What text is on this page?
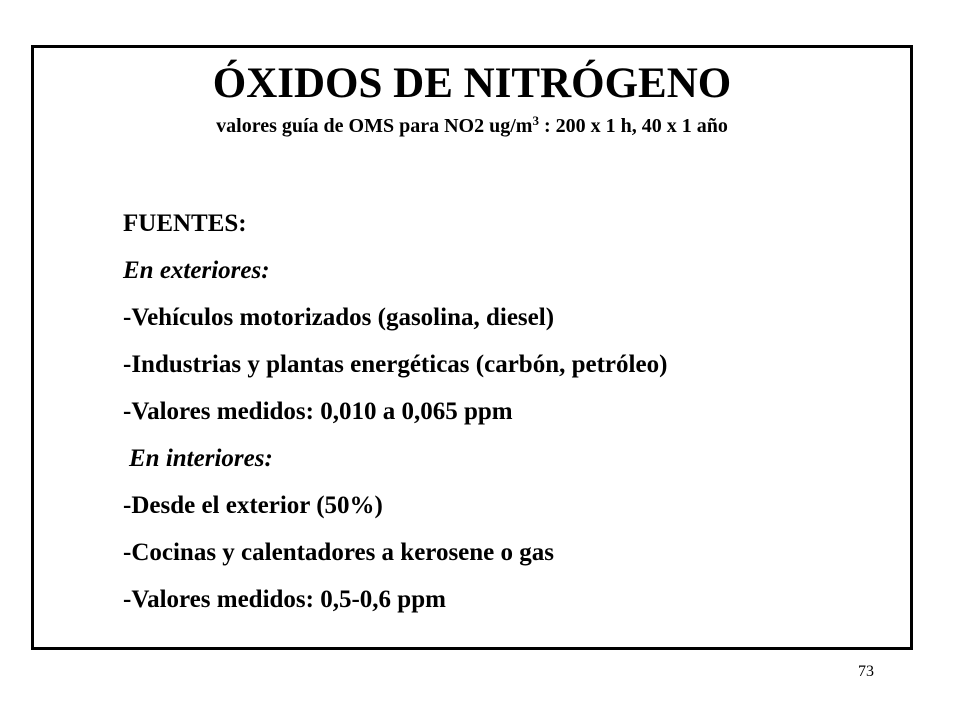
ÓXIDOS DE NITRÓGENO

valores guía de OMS para NO2 $ug/m^3$ : 200 x 1 h, 40 x 1 año

FUENTES:
En exteriores:
-Vehículos motorizados (gasolina, diesel)
-Industrias y plantas energéticas (carbón, petróleo)
-Valores medidos: 0,010 a 0,065 ppm
En interiores:
-Desde el exterior (50%)
-Cocinas y calentadores a kerosene o gas
-Valores medidos: 0,5-0,6 ppm
73
